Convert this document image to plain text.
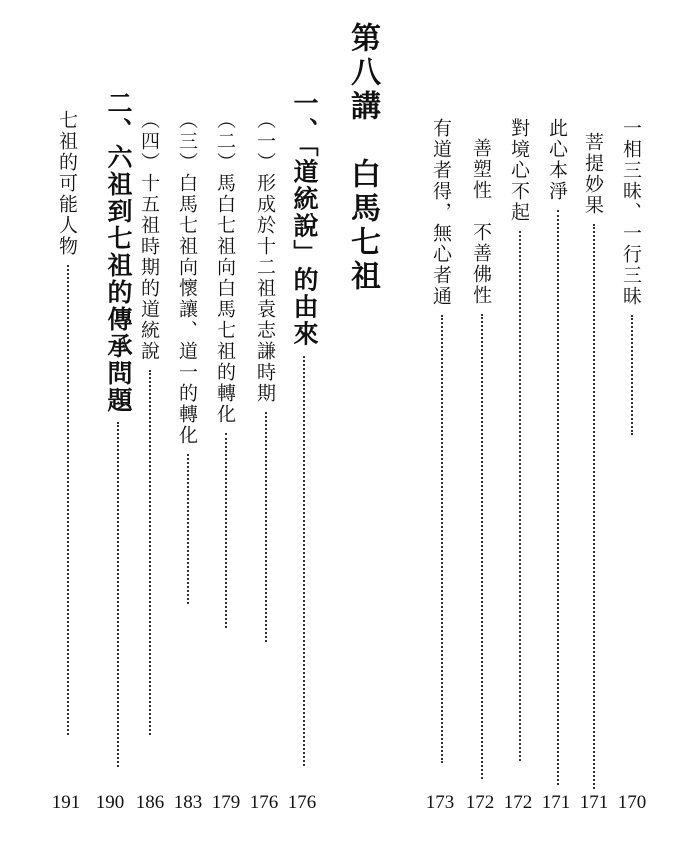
一相三昧、一行三昧
菩提妙果
此心本淨
對境心不起
善塑性　不善佛性
有道者得，無心者通
第八講　白馬七祖
一、「道統說」的由來
（一）形成於十二祖袁志謙時期
（二）馬白七祖向白馬七祖的轉化
（三）白馬七祖向懷讓、道一的轉化
（四）十五祖時期的道統說
二、六祖到七祖的傳承問題
七祖的可能人物
170
171
171
172
172
173
176
176
179
183
186
190
191
